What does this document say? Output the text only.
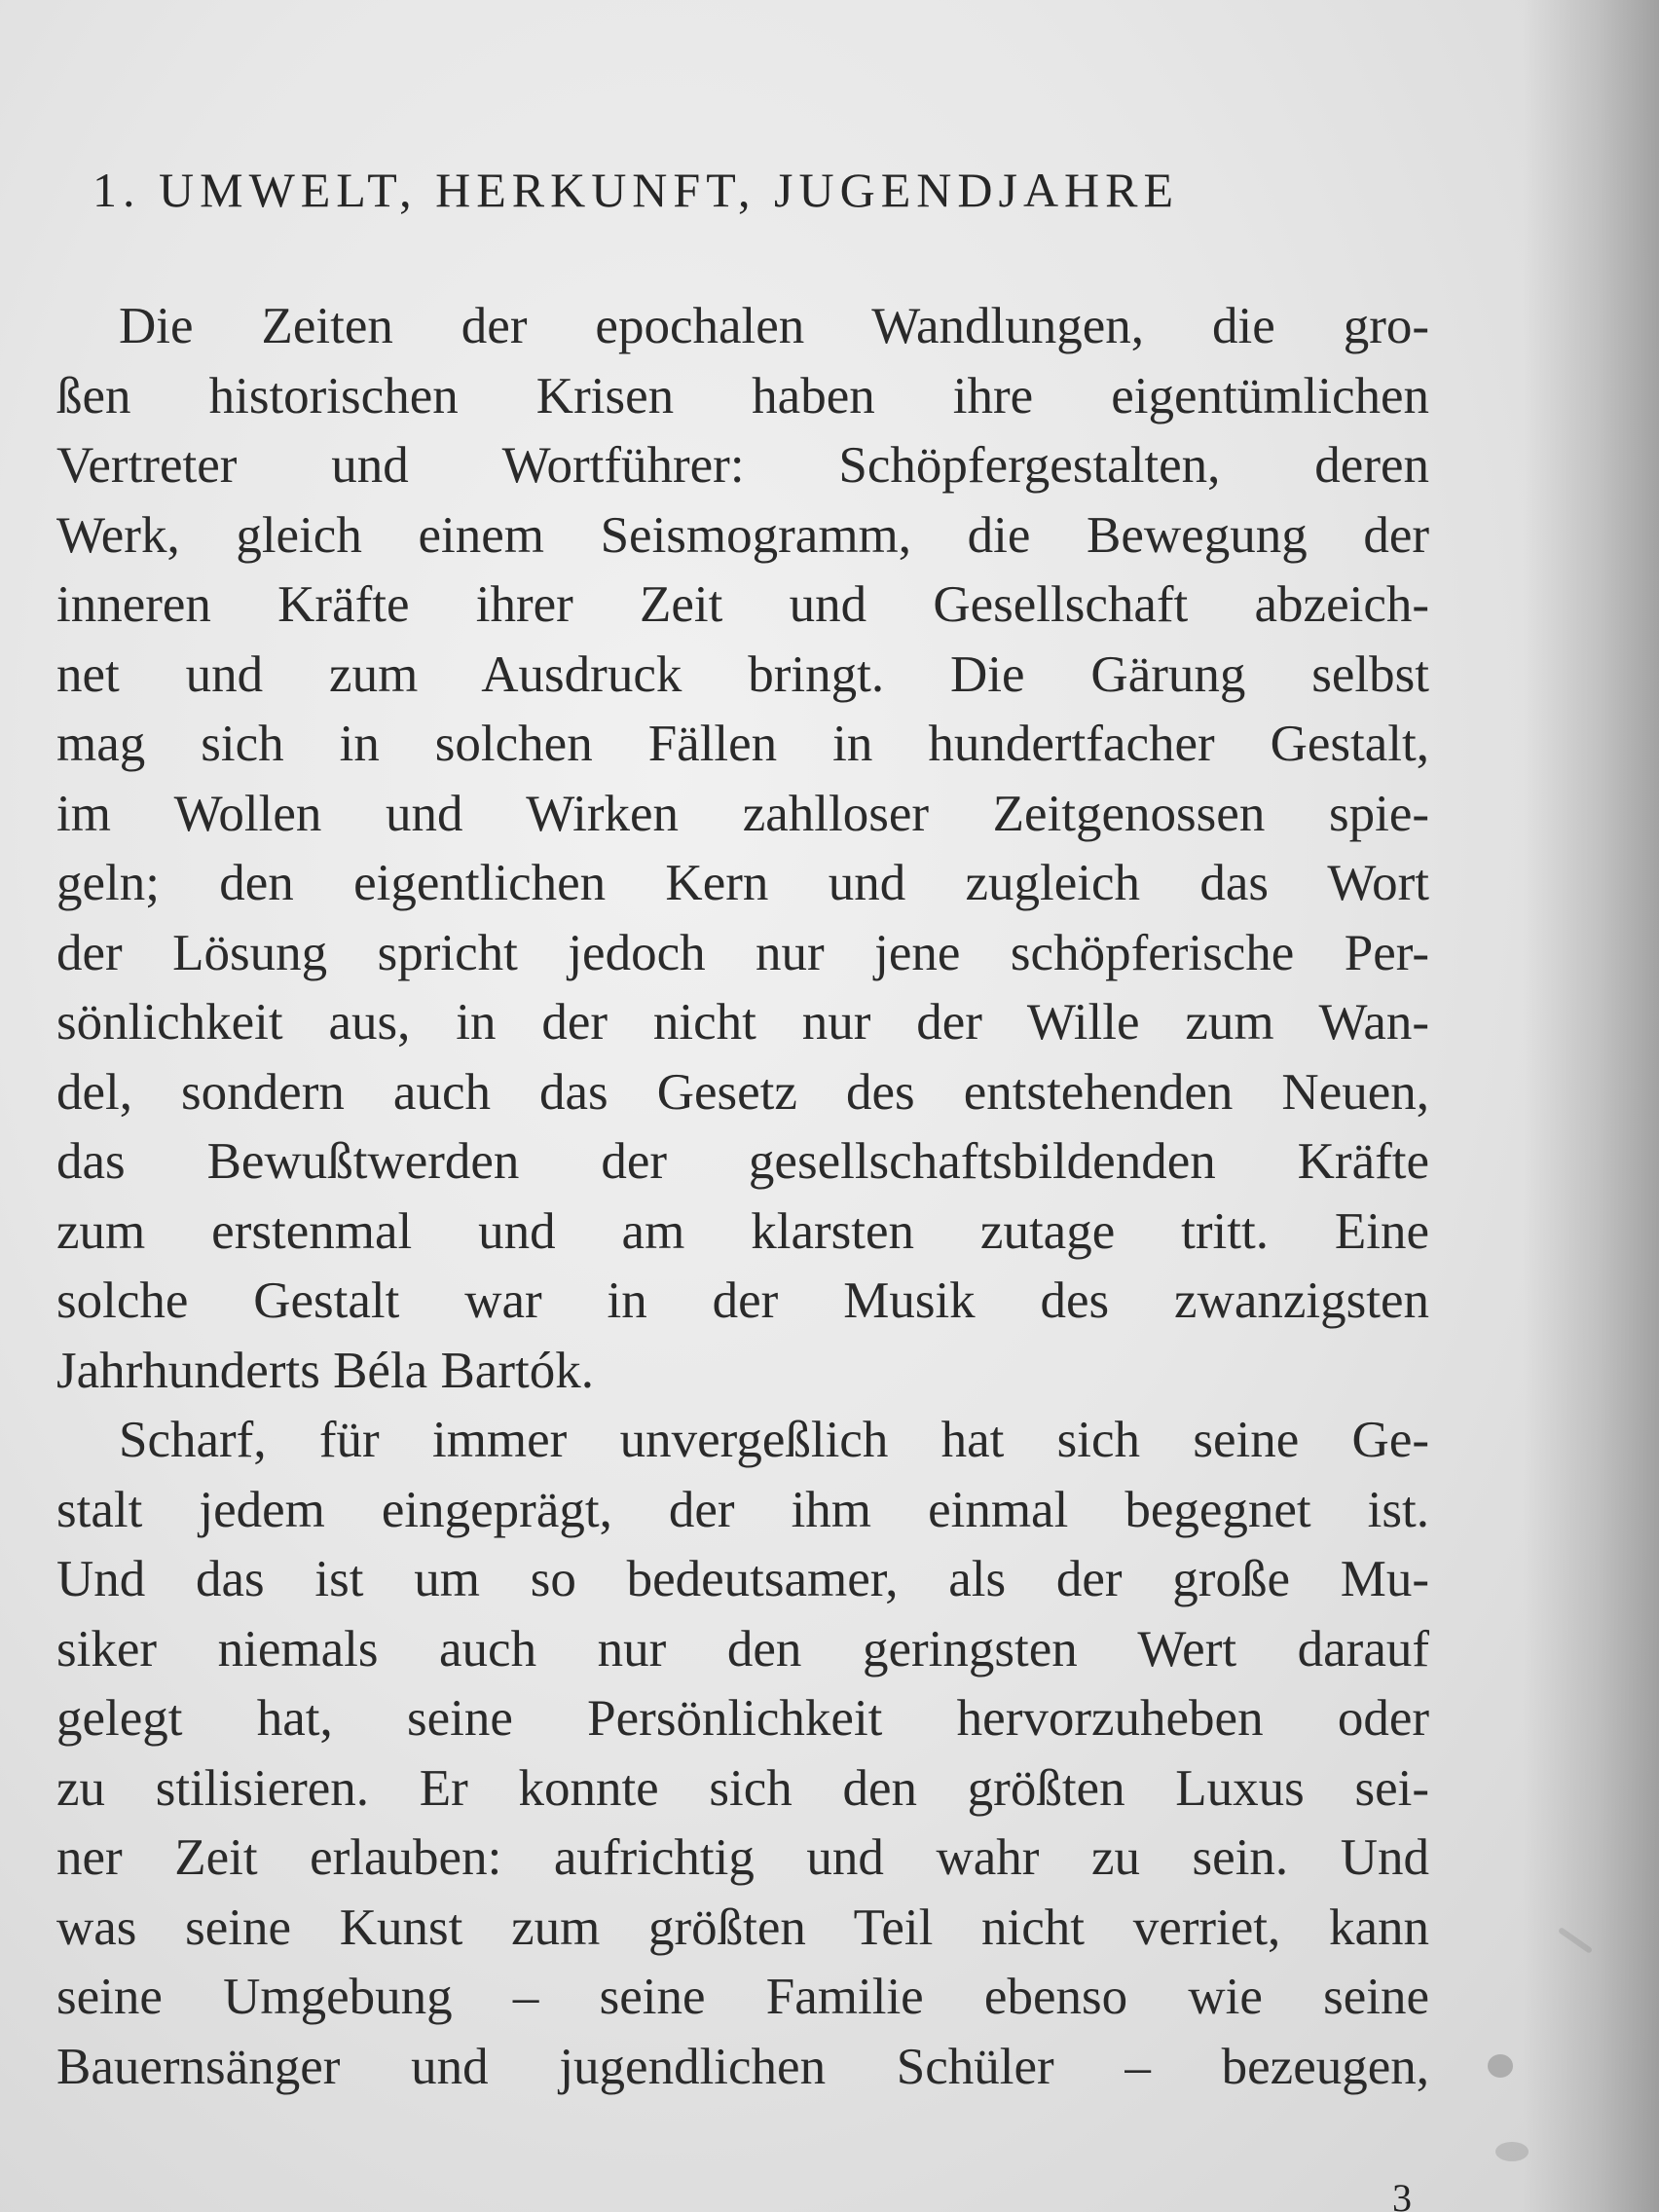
1. UMWELT, HERKUNFT, JUGENDJAHRE
Die Zeiten der epochalen Wandlungen, die gro-
ßen historischen Krisen haben ihre eigentümlichen
Vertreter und Wortführer: Schöpfergestalten, deren
Werk, gleich einem Seismogramm, die Bewegung der
inneren Kräfte ihrer Zeit und Gesellschaft abzeich-
net und zum Ausdruck bringt. Die Gärung selbst
mag sich in solchen Fällen in hundertfacher Gestalt,
im Wollen und Wirken zahlloser Zeitgenossen spie-
geln; den eigentlichen Kern und zugleich das Wort
der Lösung spricht jedoch nur jene schöpferische Per-
sönlichkeit aus, in der nicht nur der Wille zum Wan-
del, sondern auch das Gesetz des entstehenden Neuen,
das Bewußtwerden der gesellschaftsbildenden Kräfte
zum erstenmal und am klarsten zutage tritt. Eine
solche Gestalt war in der Musik des zwanzigsten
Jahrhunderts Béla Bartók.
Scharf, für immer unvergeßlich hat sich seine Ge-
stalt jedem eingeprägt, der ihm einmal begegnet ist.
Und das ist um so bedeutsamer, als der große Mu-
siker niemals auch nur den geringsten Wert darauf
gelegt hat, seine Persönlichkeit hervorzuheben oder
zu stilisieren. Er konnte sich den größten Luxus sei-
ner Zeit erlauben: aufrichtig und wahr zu sein. Und
was seine Kunst zum größten Teil nicht verriet, kann
seine Umgebung – seine Familie ebenso wie seine
Bauernsänger und jugendlichen Schüler – bezeugen,
3
